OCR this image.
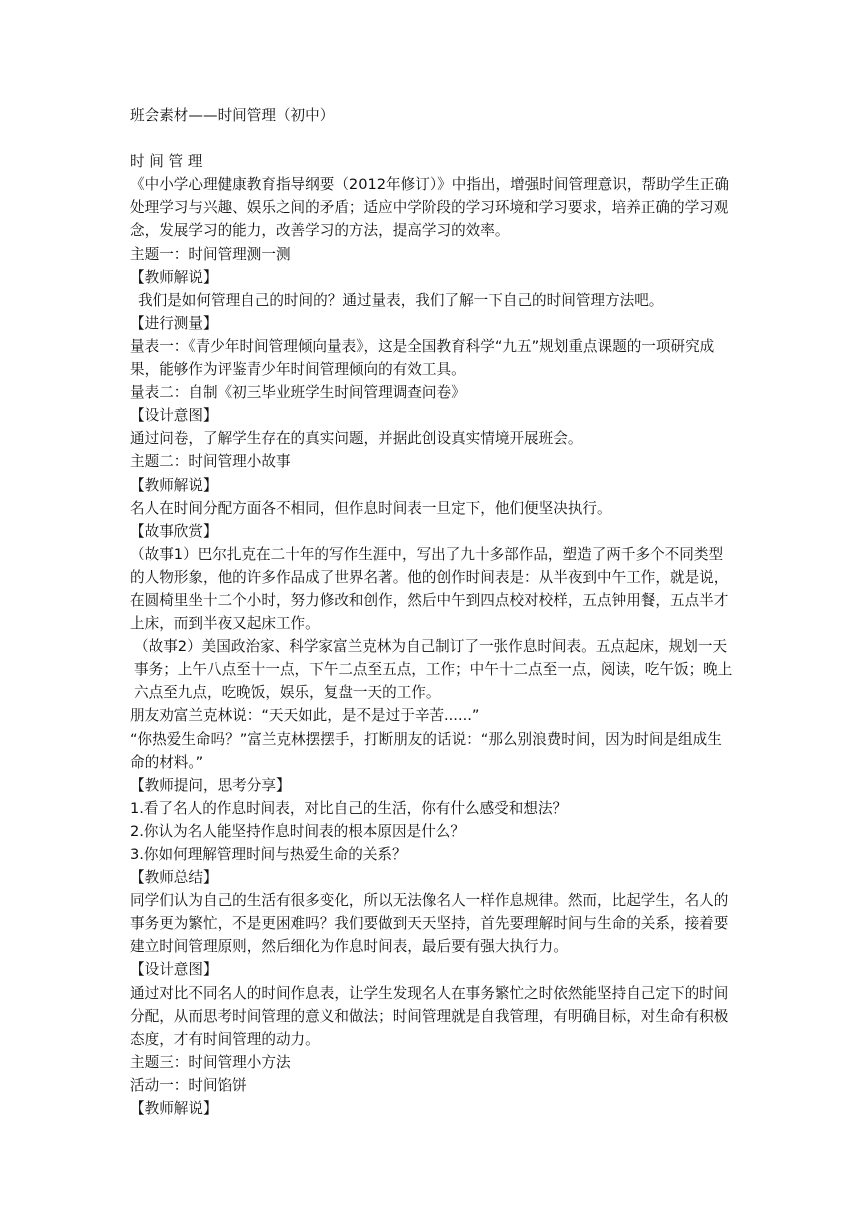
班会素材——时间管理（初中）

时 间 管 理

《中小学心理健康教育指导纲要（2012年修订）》中指出，增强时间管理意识，帮助学生正确处理学习与兴趣、娱乐之间的矛盾；适应中学阶段的学习环境和学习要求，培养正确的学习观念，发展学习的能力，改善学习的方法，提高学习的效率。

主题一：时间管理测一测

【教师解说】

我们是如何管理自己的时间的？通过量表，我们了解一下自己的时间管理方法吧。

【进行测量】

量表一：《青少年时间管理倾向量表》，这是全国教育科学“九五”规划重点课题的一项研究成果，能够作为评鉴青少年时间管理倾向的有效工具。

量表二：自制《初三毕业班学生时间管理调查问卷》

【设计意图】

通过问卷，了解学生存在的真实问题，并据此创设真实情境开展班会。

主题二：时间管理小故事

【教师解说】

名人在时间分配方面各不相同，但作息时间表一旦定下，他们便坚决执行。

【故事欣赏】

（故事1）巴尔扎克在二十年的写作生涯中，写出了九十多部作品，塑造了两千多个不同类型的人物形象，他的许多作品成了世界名著。他的创作时间表是：从半夜到中午工作，就是说，在圆椅里坐十二个小时，努力修改和创作，然后中午到四点校对校样，五点钟用餐，五点半才上床，而到半夜又起床工作。

（故事2）美国政治家、科学家富兰克林为自己制订了一张作息时间表。五点起床，规划一天事务；上午八点至十一点，下午二点至五点，工作；中午十二点至一点，阅读，吃午饭；晚上六点至九点，吃晚饭，娱乐，复盘一天的工作。

朋友劝富兰克林说：“天天如此，是不是过于辛苦......”

“你热爱生命吗？”富兰克林摆摆手，打断朋友的话说：“那么别浪费时间，因为时间是组成生命的材料。”

【教师提问，思考分享】

1.看了名人的作息时间表，对比自己的生活，你有什么感受和想法？

2.你认为名人能坚持作息时间表的根本原因是什么？

3.你如何理解管理时间与热爱生命的关系？

【教师总结】

同学们认为自己的生活有很多变化，所以无法像名人一样作息规律。然而，比起学生，名人的事务更为繁忙，不是更困难吗？我们要做到天天坚持，首先要理解时间与生命的关系，接着要建立时间管理原则，然后细化为作息时间表，最后要有强大执行力。

【设计意图】

通过对比不同名人的时间作息表，让学生发现名人在事务繁忙之时依然能坚持自己定下的时间分配，从而思考时间管理的意义和做法；时间管理就是自我管理，有明确目标，对生命有积极态度，才有时间管理的动力。

主题三：时间管理小方法

活动一：时间馅饼

【教师解说】
